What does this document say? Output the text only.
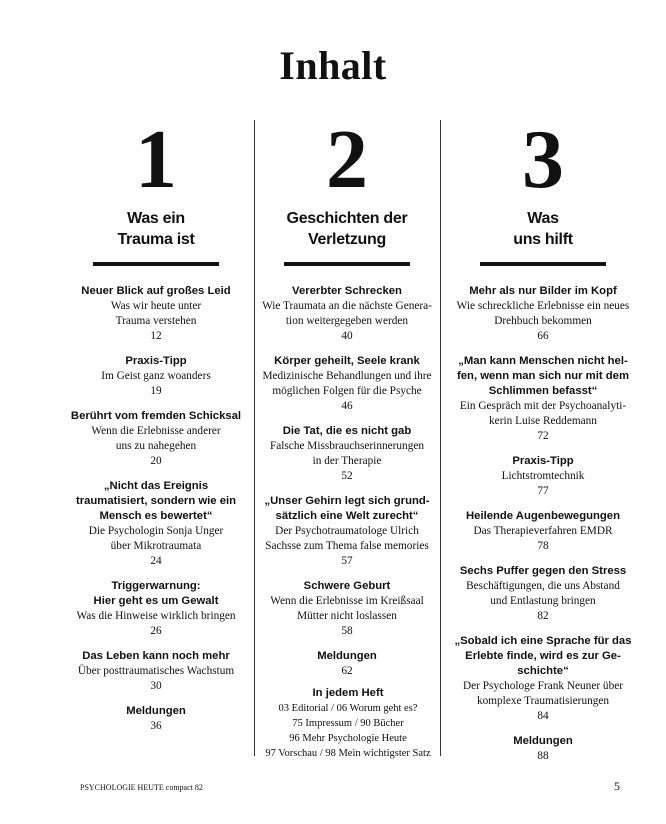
Inhalt
1
Was ein
Trauma ist
Neuer Blick auf großes Leid
Was wir heute unter
Trauma verstehen
12
Praxis-Tipp
Im Geist ganz woanders
19
Berührt vom fremden Schicksal
Wenn die Erlebnisse anderer
uns zu nahegehen
20
„Nicht das Ereignis
traumatisiert, sondern wie ein
Mensch es bewertet“
Die Psychologin Sonja Unger
über Mikrotraumata
24
Triggerwarnung:
Hier geht es um Gewalt
Was die Hinweise wirklich bringen
26
Das Leben kann noch mehr
Über posttraumatisches Wachstum
30
Meldungen
36
2
Geschichten der
Verletzung
Vererbter Schrecken
Wie Traumata an die nächste Genera-
tion weitergegeben werden
40
Körper geheilt, Seele krank
Medizinische Behandlungen und ihre
möglichen Folgen für die Psyche
46
Die Tat, die es nicht gab
Falsche Missbrauchserinnerungen
in der Therapie
52
„Unser Gehirn legt sich grund-
sätzlich eine Welt zurecht“
Der Psychotraumatologe Ulrich
Sachsse zum Thema false memories
57
Schwere Geburt
Wenn die Erlebnisse im Kreißsaal
Mütter nicht loslassen
58
Meldungen
62
3
Was
uns hilft
Mehr als nur Bilder im Kopf
Wie schreckliche Erlebnisse ein neues
Drehbuch bekommen
66
„Man kann Menschen nicht hel-
fen, wenn man sich nur mit dem
Schlimmen befasst“
Ein Gespräch mit der Psychoanalyti-
kerin Luise Reddemann
72
Praxis-Tipp
Lichtstromtechnik
77
Heilende Augenbewegungen
Das Therapieverfahren EMDR
78
Sechs Puffer gegen den Stress
Beschäftigungen, die uns Abstand
und Entlastung bringen
82
„Sobald ich eine Sprache für das
Erlebte finde, wird es zur Ge-
schichte“
Der Psychologe Frank Neuner über
komplexe Traumatisierungen
84
Meldungen
88
In jedem Heft
03 Editorial / 06 Worum geht es?
75 Impressum / 90 Bücher
96 Mehr Psychologie Heute
97 Vorschau / 98 Mein wichtigster Satz
PSYCHOLOGIE HEUTE compact 82	5
